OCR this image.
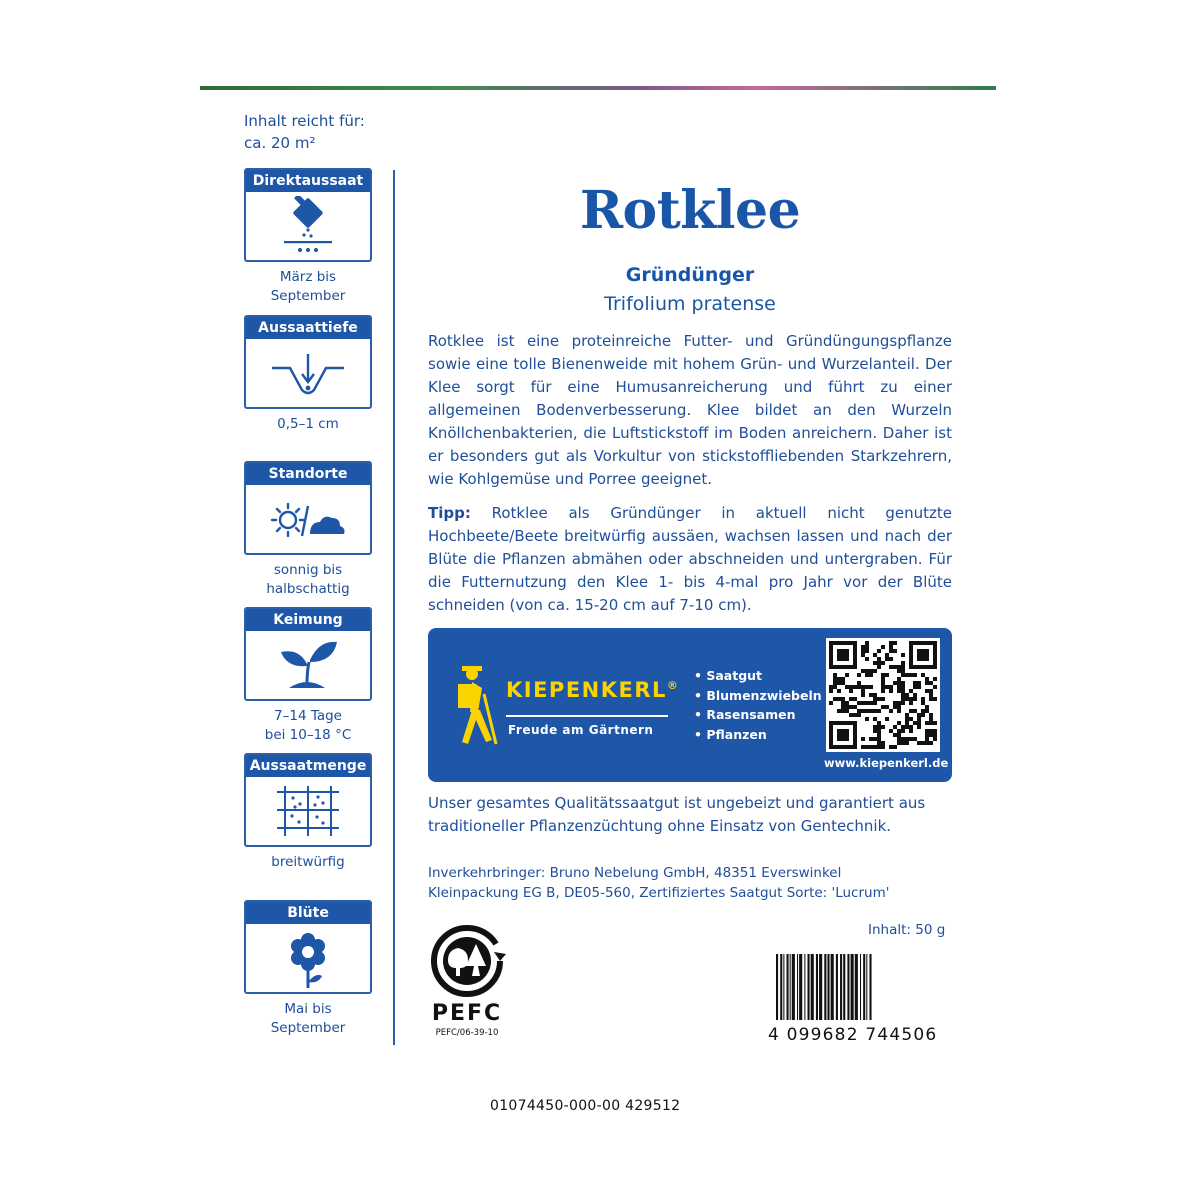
Inhalt reicht für:
ca. 20 m²
Direktaussaat
März bis
September
Aussaattiefe
0,5–1 cm
Standorte
sonnig bis
halbschattig
Keimung
7–14 Tage
bei 10–18 °C
Aussaatmenge
breitwürfig
Blüte
Mai bis
September
Rotklee
Gründünger
Trifolium pratense
Rotklee ist eine proteinreiche Futter- und Gründüngungspflanze sowie eine tolle Bienenweide mit hohem Grün- und Wurzelanteil. Der Klee sorgt für eine Humusanreicherung und führt zu einer allgemeinen Bodenverbesserung. Klee bildet an den Wurzeln Knöllchenbakterien, die Luftstickstoff im Boden anreichern. Daher ist er besonders gut als Vorkultur von stickstoffliebenden Starkzehrern, wie Kohlgemüse und Porree geeignet.
Tipp: Rotklee als Gründünger in aktuell nicht genutzte Hochbeete/Beete breitwürfig aussäen, wachsen lassen und nach der Blüte die Pflanzen abmähen oder abschneiden und untergraben. Für die Futternutzung den Klee 1- bis 4-mal pro Jahr vor der Blüte schneiden (von ca. 15-20 cm auf 7-10 cm).
KIEPENKERL®
Freude am Gärtnern
• Saatgut
• Blumenzwiebeln
• Rasensamen
• Pflanzen
www.kiepenkerl.de
Unser gesamtes Qualitätssaatgut ist ungebeizt und garantiert aus traditioneller Pflanzenzüchtung ohne Einsatz von Gentechnik.
Inverkehrbringer: Bruno Nebelung GmbH, 48351 Everswinkel
Kleinpackung EG B, DE05-560, Zertifiziertes Saatgut Sorte: 'Lucrum'
PEFC
PEFC/06-39-10
Inhalt: 50 g
4 099682 744506
01074450-000-00 429512
